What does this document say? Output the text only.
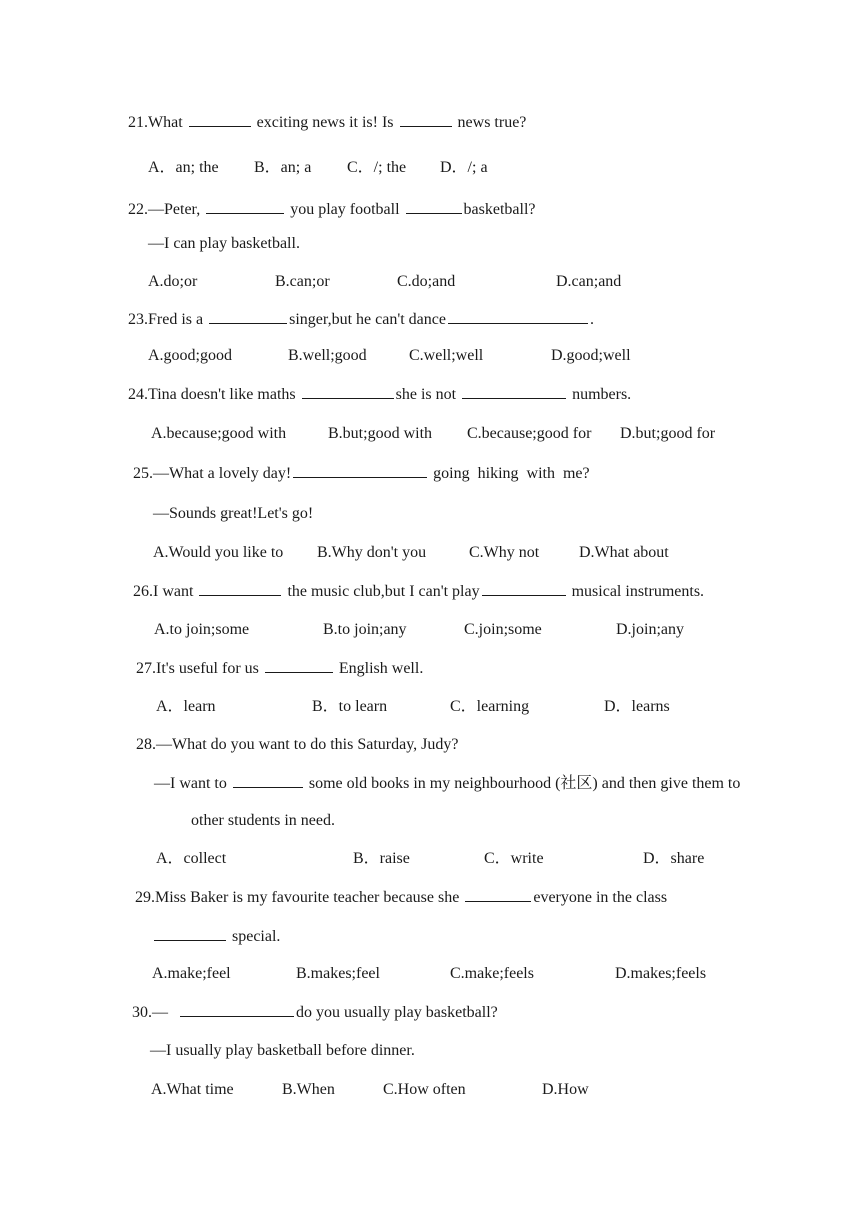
21.What	exciting news it is! Is	news true?
A．an; the B．an; a C．/; the D．/; a
22.—Peter,	you play football	basketball?
—I can play basketball.
A.do;or	B.can;or	C.do;and	D.can;and
23.Fred is a	singer,but he can't dance	.
A.good;good	B.well;good	C.well;well	D.good;well
24.Tina doesn't like maths	she is not	numbers.
A.because;good with	B.but;good with C.because;good for D.but;good for
25.—What a lovely day!	going  hiking  with  me?
—Sounds great!Let's go!
A.Would you like to B.Why don't you	C.Why not D.What about
26.I want	the music club,but I can't play	musical instruments.
A.to join;some	B.to join;any	C.join;some	D.join;any
27.It's useful for us	English well.
A．learn	B．to learn	C．learning	D．learns
28.—What do you want to do this Saturday, Judy?
—I want to	some old books in my neighbourhood (社区) and then give them to
other students in need.
A．collect	B．raise	C．write	D．share
29.Miss Baker is my favourite teacher because she	everyone in the class
special.
A.make;feel	B.makes;feel	C.make;feels	D.makes;feels
30.—	do you usually play basketball?
—I usually play basketball before dinner.
A.What time	B.When	C.How often	D.How
